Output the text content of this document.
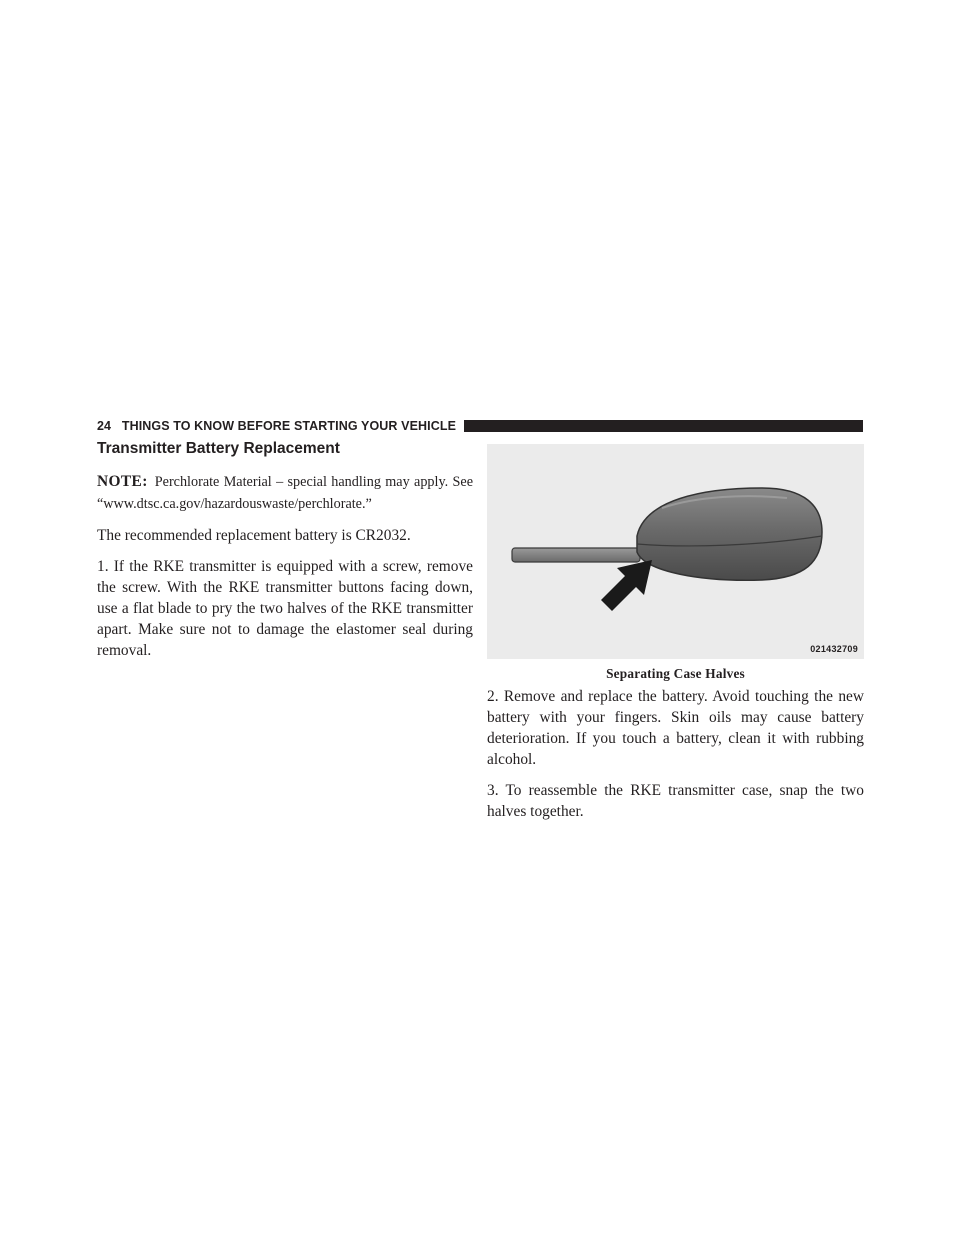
24 THINGS TO KNOW BEFORE STARTING YOUR VEHICLE
Transmitter Battery Replacement

NOTE: Perchlorate Material – special handling may apply. See “www.dtsc.ca.gov/hazardouswaste/perchlorate.”

The recommended replacement battery is CR2032.

1. If the RKE transmitter is equipped with a screw, remove the screw. With the RKE transmitter buttons facing down, use a flat blade to pry the two halves of the RKE transmitter apart. Make sure not to damage the elastomer seal during removal.	021432709
Separating Case Halves

2. Remove and replace the battery. Avoid touching the new battery with your fingers. Skin oils may cause battery deterioration. If you touch a battery, clean it with rubbing alcohol.

3. To reassemble the RKE transmitter case, snap the two halves together.
